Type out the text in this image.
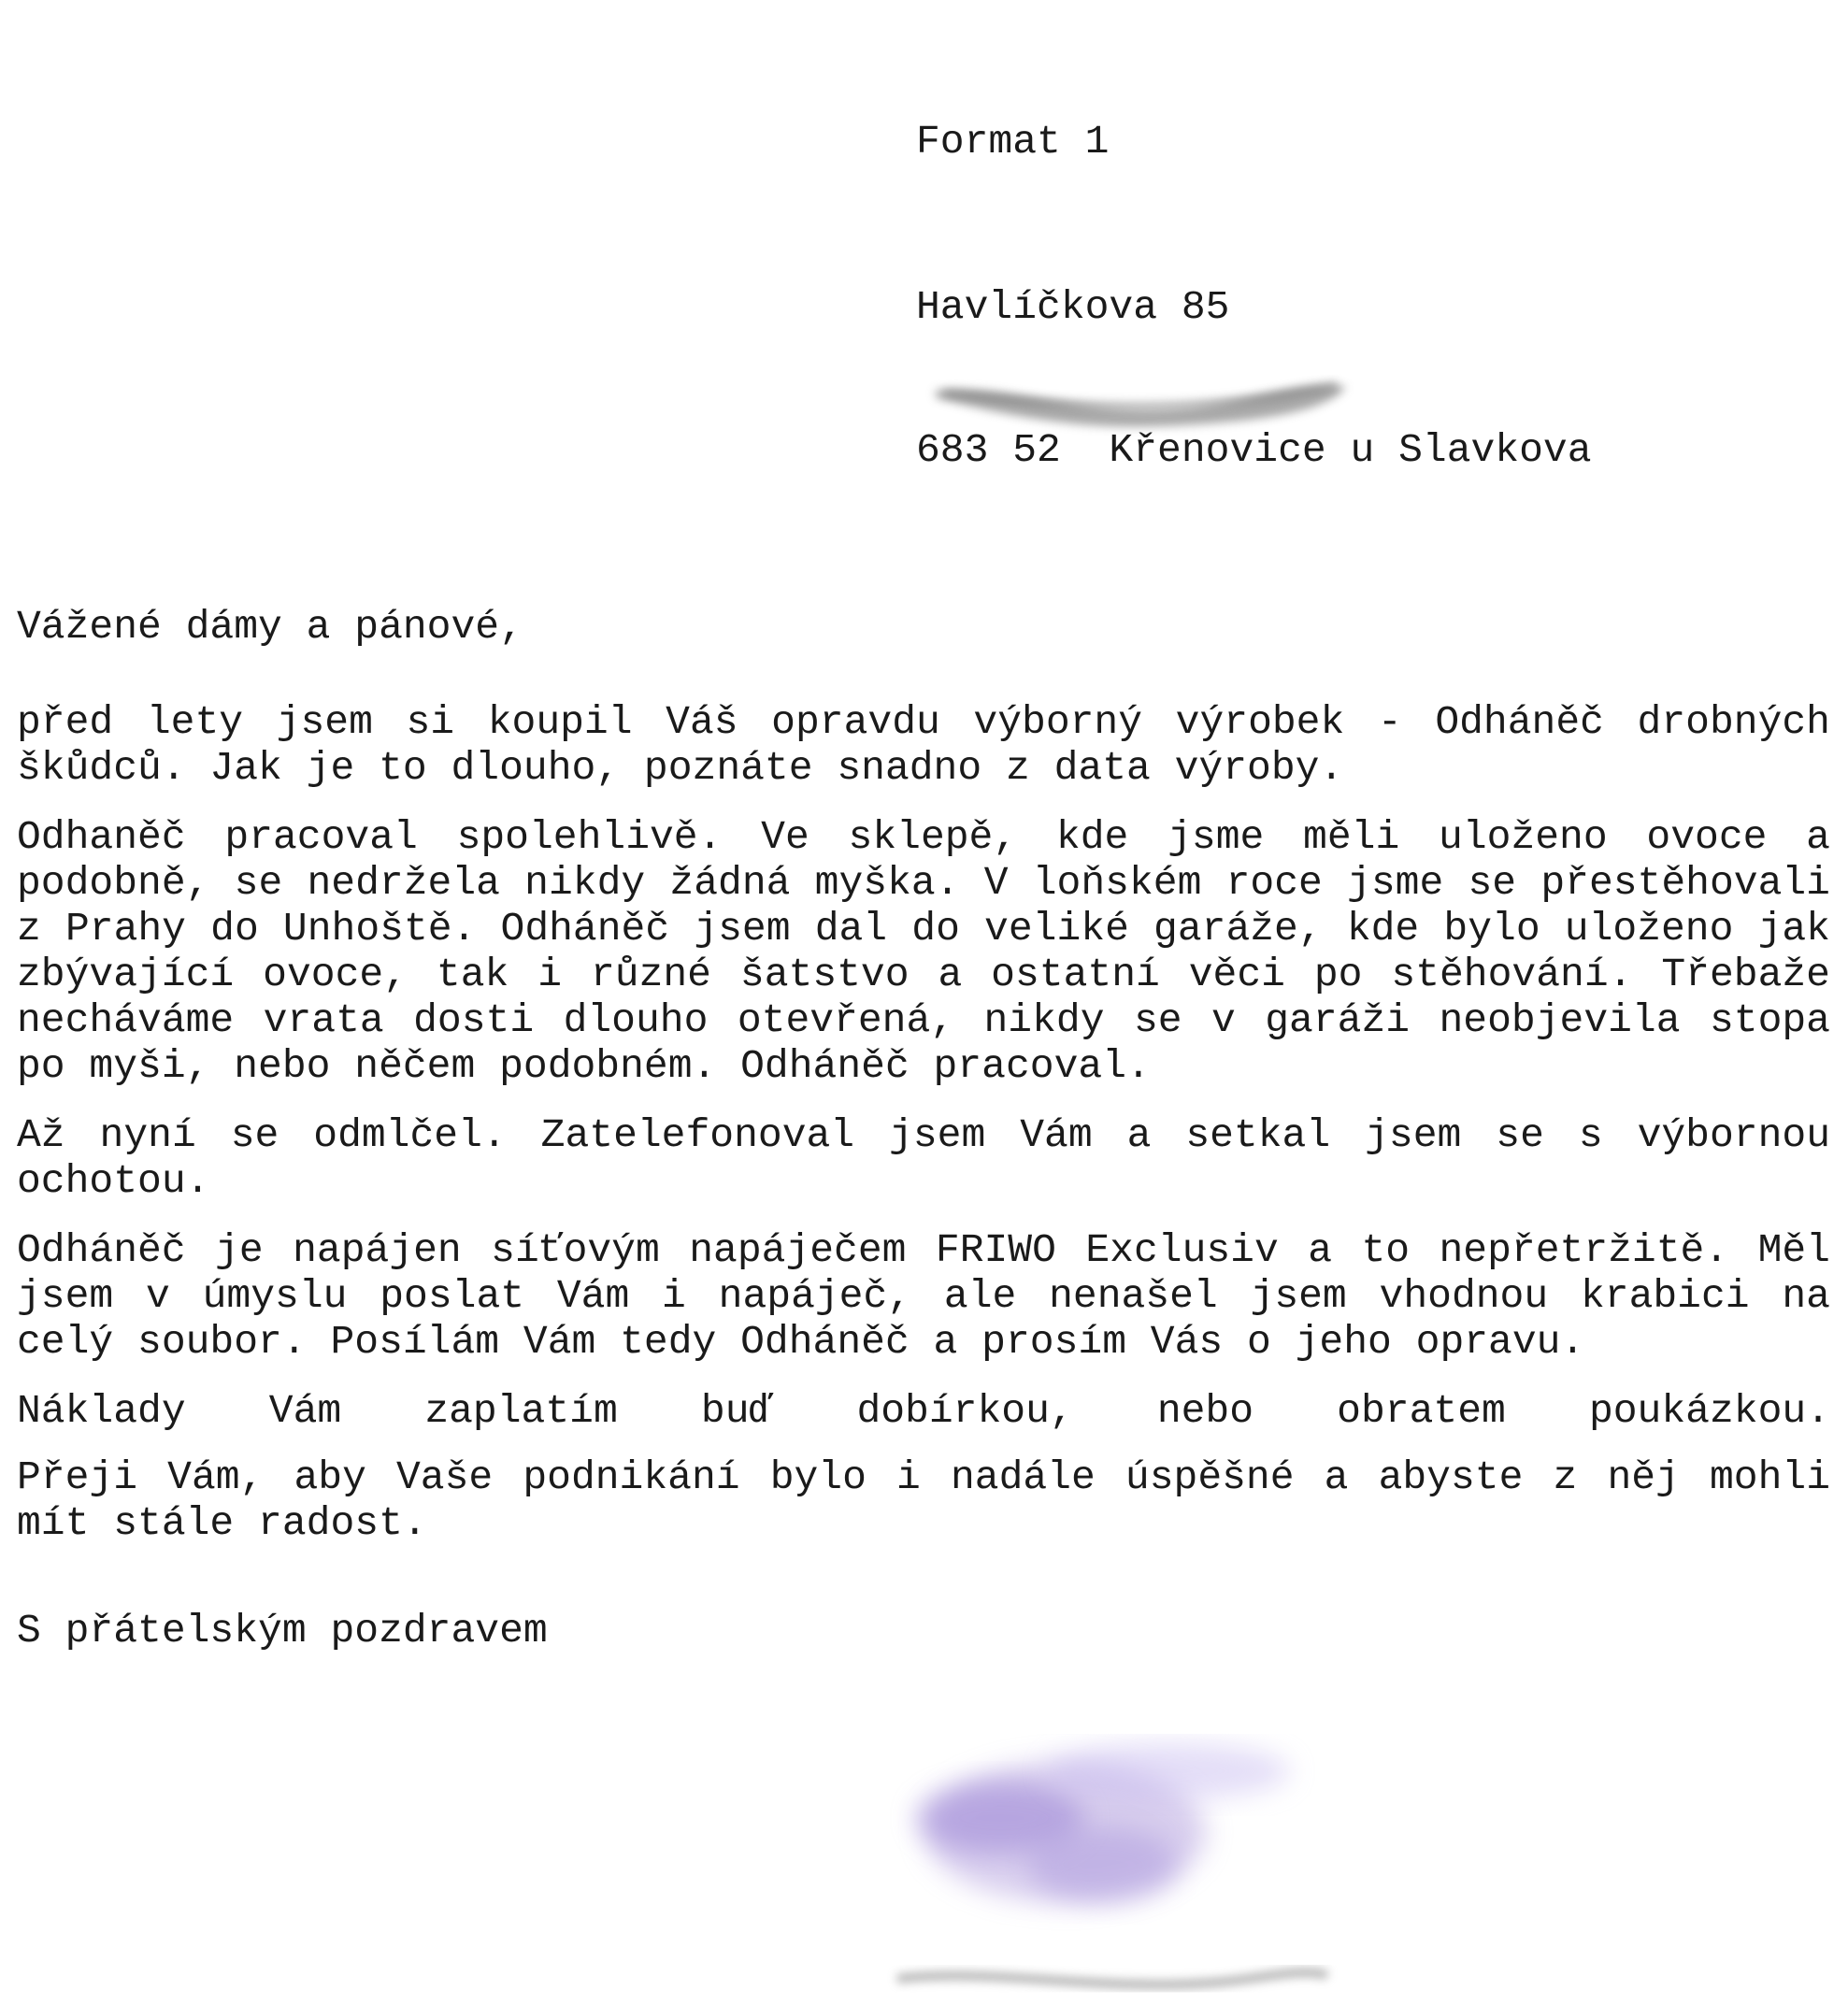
Format 1

Havlíčkova 85

683 52  Křenovice u Slavkova

Vážené dámy a pánové,

před lety jsem si koupil Váš opravdu výborný výrobek - Odháněč drobných škůdců. Jak je to dlouho, poznáte snadno z data výroby.

Odhaněč pracoval spolehlivě. Ve sklepě, kde jsme měli uloženo ovoce a podobně, se nedržela nikdy žádná myška. V loňském roce jsme se přestěhovali z Prahy do Unhoště. Odháněč jsem dal do veliké garáže, kde bylo uloženo jak zbývající ovoce, tak i různé šatstvo a ostatní věci po stěhování. Třebaže necháváme vrata dosti dlouho otevřená, nikdy se v garáži neobjevila stopa po myši, nebo něčem podobném. Odháněč pracoval.

Až nyní se odmlčel. Zatelefonoval jsem Vám a setkal jsem se s výbornou ochotou.

Odháněč je napájen síťovým napáječem FRIWO Exclusiv a to nepřetržitě. Měl jsem v úmyslu poslat Vám i napáječ, ale nenašel jsem vhodnou krabici na celý soubor. Posílám Vám tedy Odháněč a prosím Vás o jeho opravu.

Náklady Vám zaplatím buď dobírkou, nebo obratem poukázkou.

Přeji Vám, aby Vaše podnikání bylo i nadále úspěšné a abyste z něj mohli mít stále radost.

S přátelským pozdravem
